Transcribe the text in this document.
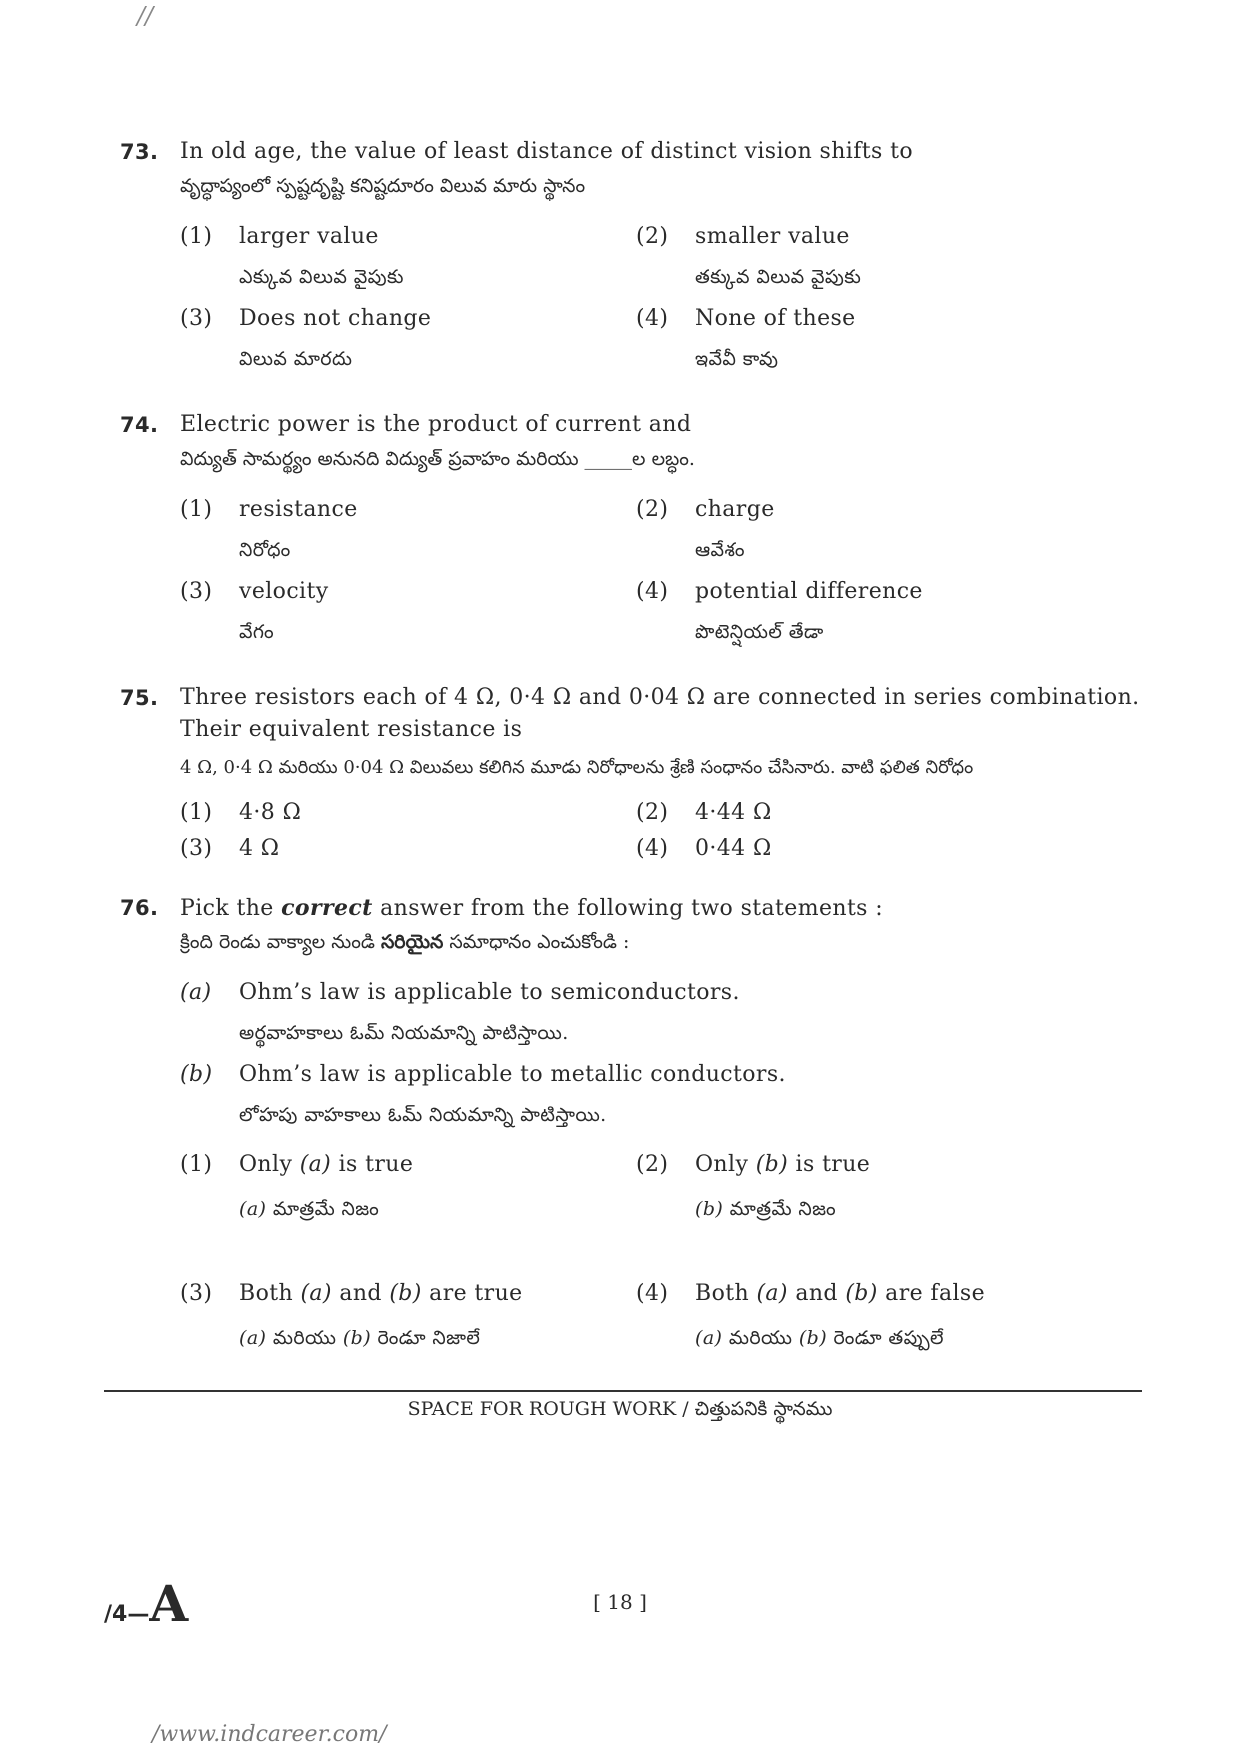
//
73. In old age, the value of least distance of distinct vision shifts to
వృద్ధాప్యంలో స్పష్టదృష్టి కనిష్టదూరం విలువ మారు స్థానం
(1) larger value
ఎక్కువ విలువ వైపుకు
(2) smaller value
తక్కువ విలువ వైపుకు
(3) Does not change
విలువ మారదు
(4) None of these
ఇవేవీ కావు
74. Electric power is the product of current and
విద్యుత్ సామర్థ్యం అనునది విద్యుత్ ప్రవాహం మరియు _____ల లబ్ధం.
(1) resistance
నిరోధం
(2) charge
ఆవేశం
(3) velocity
వేగం
(4) potential difference
పొటెన్షియల్ తేడా
75. Three resistors each of 4 Ω, 0·4 Ω and 0·04 Ω are connected in series combination.
Their equivalent resistance is
4 Ω, 0·4 Ω మరియు 0·04 Ω విలువలు కలిగిన మూడు నిరోధాలను శ్రేణి సంధానం చేసినారు. వాటి ఫలిత నిరోధం
(1) 4·8 Ω	(2) 4·44 Ω
(3) 4 Ω	(4) 0·44 Ω
76. Pick the correct answer from the following two statements :
క్రింది రెండు వాక్యాల నుండి సరియైన సమాధానం ఎంచుకోండి :
(a) Ohm’s law is applicable to semiconductors.
అర్థవాహకాలు ఓమ్ నియమాన్ని పాటిస్తాయి.
(b) Ohm’s law is applicable to metallic conductors.
లోహపు వాహకాలు ఓమ్ నియమాన్ని పాటిస్తాయి.
(1) Only (a) is true
(a) మాత్రమే నిజం
(2) Only (b) is true
(b) మాత్రమే నిజం
(3) Both (a) and (b) are true
(a) మరియు (b) రెండూ నిజాలే
(4) Both (a) and (b) are false
(a) మరియు (b) రెండూ తప్పులే
SPACE FOR ROUGH WORK / చిత్తుపనికి స్థానము
/4—A	[ 18 ]
/www.indcareer.com/
